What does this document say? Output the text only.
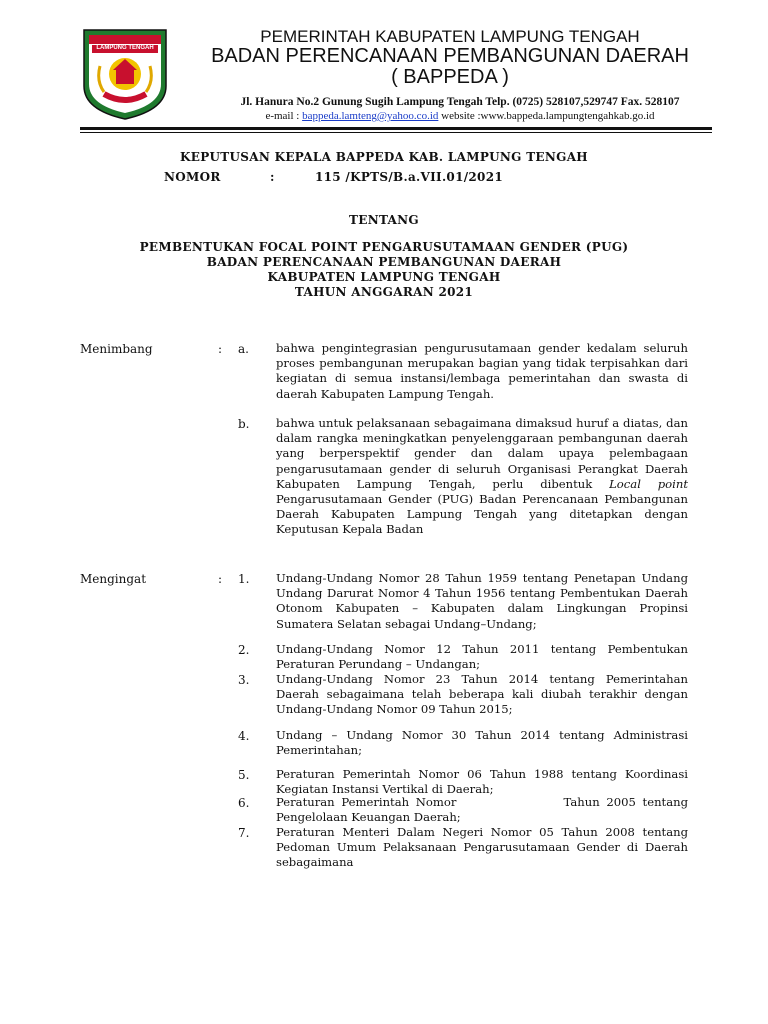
LAMPUNG TENGAH
PEMERINTAH KABUPATEN LAMPUNG TENGAH
BADAN PERENCANAAN PEMBANGUNAN DAERAH
( BAPPEDA )
Jl. Hanura No.2 Gunung Sugih Lampung Tengah Telp. (0725) 528107,529747 Fax. 528107
e-mail : bappeda.lamteng@yahoo.co.id website :www.bappeda.lampungtengahkab.go.id
KEPUTUSAN KEPALA BAPPEDA KAB. LAMPUNG TENGAH
NOMOR	:	115 /KPTS/B.a.VII.01/2021
TENTANG
PEMBENTUKAN FOCAL POINT PENGARUSUTAMAAN GENDER (PUG)
BADAN PERENCANAAN PEMBANGUNAN DAERAH
KABUPATEN LAMPUNG TENGAH
TAHUN ANGGARAN 2021
Menimbang	: a. bahwa pengintegrasian pengurusutamaan gender kedalam seluruh proses pembangunan merupakan bagian yang tidak terpisahkan dari kegiatan di semua instansi/lembaga pemerintahan dan swasta di daerah Kabupaten Lampung Tengah.
b. bahwa untuk pelaksanaan sebagaimana dimaksud huruf a diatas, dan dalam rangka meningkatkan penyelenggaraan pembangunan daerah yang berperspektif gender dan dalam upaya pelembagaan pengarusutamaan gender di seluruh Organisasi Perangkat Daerah Kabupaten Lampung Tengah, perlu dibentuk Local point Pengarusutamaan Gender (PUG) Badan Perencanaan Pembangunan Daerah Kabupaten Lampung Tengah yang ditetapkan dengan Keputusan Kepala Badan
Mengingat	: 1. Undang-Undang Nomor 28 Tahun 1959 tentang Penetapan Undang Undang Darurat Nomor 4 Tahun 1956 tentang Pembentukan Daerah Otonom Kabupaten – Kabupaten dalam Lingkungan Propinsi Sumatera Selatan sebagai Undang–Undang;
2. Undang-Undang Nomor 12 Tahun 2011 tentang Pembentukan Peraturan Perundang – Undangan;
3. Undang-Undang Nomor 23 Tahun 2014 tentang Pemerintahan Daerah sebagaimana telah beberapa kali diubah terakhir dengan Undang-Undang Nomor 09 Tahun 2015;
4. Undang – Undang Nomor 30 Tahun 2014 tentang Administrasi Pemerintahan;
5. Peraturan Pemerintah Nomor 06 Tahun 1988 tentang Koordinasi Kegiatan Instansi Vertikal di Daerah;
6. Peraturan Pemerintah Nomor                Tahun 2005 tentang Pengelolaan Keuangan Daerah;
7. Peraturan Menteri Dalam Negeri Nomor 05 Tahun 2008 tentang Pedoman Umum Pelaksanaan Pengarusutamaan Gender di Daerah sebagaimana
